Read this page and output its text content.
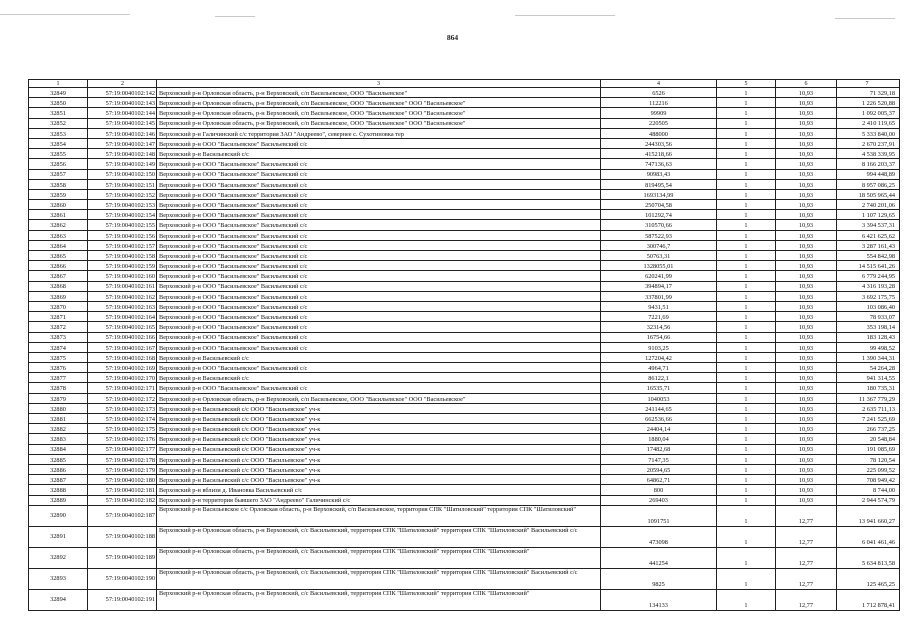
864
1	2	3	4	5	6	7
32849	57:19:0040102:142	Верховский р-н Орловская область, р-н Верховский, с/п Васильевское, ООО "Васильевское"	6526	1	10,93	71 329,18
32850	57:19:0040102:143	Верховский р-н Орловская область, р-н Верховский, с/п Васильевское, ООО "Васильевское" ООО "Васильевское"	112216	1	10,93	1 226 520,88
32851	57:19:0040102:144	Верховский р-н Орловская область, р-н Верховский, с/п Васильевское, ООО "Васильевское" ООО "Васильевское"	99909	1	10,93	1 092 005,37
32852	57:19:0040102:145	Верховский р-н Орловская область, р-н Верховский, с/п Васильевское, ООО "Васильевское" ООО "Васильевское"	220505	1	10,93	2 410 119,65
32853	57:19:0040102:146	Верховский р-н Галичинский с/с территория ЗАО "Андреево", севернее с. Сухотиновка тер	488000	1	10,93	5 333 840,00
32854	57:19:0040102:147	Верховский р-н ООО "Васильевское" Васильевский с/с	244303,56	1	10,93	2 670 237,91
32855	57:19:0040102:148	Верховский р-н Васильевский с/с	415218,66	1	10,93	4 538 339,95
32856	57:19:0040102:149	Верховский р-н ООО "Васильевское" Васильевский с/с	747136,63	1	10,93	8 166 203,37
32857	57:19:0040102:150	Верховский р-н ООО "Васильевское" Васильевский с/с	90983,43	1	10,93	994 448,89
32858	57:19:0040102:151	Верховский р-н ООО "Васильевское" Васильевский с/с	819495,54	1	10,93	8 957 086,25
32859	57:19:0040102:152	Верховский р-н ООО "Васильевское" Васильевский с/с	1693134,99	1	10,93	18 505 965,44
32860	57:19:0040102:153	Верховский р-н ООО "Васильевское" Васильевский с/с	250704,58	1	10,93	2 740 201,06
32861	57:19:0040102:154	Верховский р-н ООО "Васильевское" Васильевский с/с	101292,74	1	10,93	1 107 129,65
32862	57:19:0040102:155	Верховский р-н ООО "Васильевское" Васильевский с/с	310570,66	1	10,93	3 394 537,31
32863	57:19:0040102:156	Верховский р-н ООО "Васильевское" Васильевский с/с	587522,93	1	10,93	6 421 625,62
32864	57:19:0040102:157	Верховский р-н ООО "Васильевское" Васильевский с/с	300746,7	1	10,93	3 287 161,43
32865	57:19:0040102:158	Верховский р-н ООО "Васильевское" Васильевский с/с	50763,31	1	10,93	554 842,98
32866	57:19:0040102:159	Верховский р-н ООО "Васильевское" Васильевский с/с	1328055,01	1	10,93	14 515 641,26
32867	57:19:0040102:160	Верховский р-н ООО "Васильевское" Васильевский с/с	620241,99	1	10,93	6 779 244,95
32868	57:19:0040102:161	Верховский р-н ООО "Васильевское" Васильевский с/с	394894,17	1	10,93	4 316 193,28
32869	57:19:0040102:162	Верховский р-н ООО "Васильевское" Васильевский с/с	337801,99	1	10,93	3 692 175,75
32870	57:19:0040102:163	Верховский р-н ООО "Васильевское" Васильевский с/с	9431,51	1	10,93	103 086,40
32871	57:19:0040102:164	Верховский р-н ООО "Васильевское" Васильевский с/с	7221,69	1	10,93	78 933,07
32872	57:19:0040102:165	Верховский р-н ООО "Васильевское" Васильевский с/с	32314,56	1	10,93	353 198,14
32873	57:19:0040102:166	Верховский р-н ООО "Васильевское" Васильевский с/с	16754,66	1	10,93	183 128,43
32874	57:19:0040102:167	Верховский р-н ООО "Васильевское" Васильевский с/с	9103,25	1	10,93	99 498,52
32875	57:19:0040102:168	Верховский р-н Васильевский с/с	127204,42	1	10,93	1 390 344,31
32876	57:19:0040102:169	Верховский р-н ООО "Васильевское" Васильевский с/с	4964,71	1	10,93	54 264,28
32877	57:19:0040102:170	Верховский р-н Васильевский с/с	86122,1	1	10,93	941 314,55
32878	57:19:0040102:171	Верховский р-н ООО "Васильевское" Васильевский с/с	16535,71	1	10,93	180 735,31
32879	57:19:0040102:172	Верховский р-н Орловская область, р-н Верховский, с/п Васильевское, ООО "Васильевское" ООО "Васильевское"	1040053	1	10,93	11 367 779,29
32880	57:19:0040102:173	Верховский р-н Васильевский с/с ООО "Васильевское" уч-к	241144,65	1	10,93	2 635 711,13
32881	57:19:0040102:174	Верховский р-н Васильевский с/с ООО "Васильевское" уч-к	662536,66	1	10,93	7 241 525,69
32882	57:19:0040102:175	Верховский р-н Васильевский с/с ООО "Васильевское" уч-к	24404,14	1	10,93	266 737,25
32883	57:19:0040102:176	Верховский р-н Васильевский с/с ООО "Васильевское" уч-к	1880,04	1	10,93	20 548,84
32884	57:19:0040102:177	Верховский р-н Васильевский с/с ООО "Васильевское" уч-к	17482,68	1	10,93	191 085,69
32885	57:19:0040102:178	Верховский р-н Васильевский с/с ООО "Васильевское" уч-к	7147,35	1	10,93	78 120,54
32886	57:19:0040102:179	Верховский р-н Васильевский с/с ООО "Васильевское" уч-к	20594,65	1	10,93	225 099,52
32887	57:19:0040102:180	Верховский р-н Васильевский с/с ООО "Васильевское" уч-к	64862,71	1	10,93	708 949,42
32888	57:19:0040102:181	Верховский р-н вблизи д. Ивановка Васильевский с/с	800	1	10,93	8 744,00
32889	57:19:0040102:182	Верховский р-н территория бывшего ЗАО "Андреево" Галичинский с/с	269403	1	10,93	2 944 574,79
32890	57:19:0040102:187	Верховский р-н Васильевское с/с Орловская область, р-н Верховский, с/п Васильевское, территория СПК "Шатиловский" территория СПК "Шатиловский"	1091751	1	12,77	13 941 660,27
32891	57:19:0040102:188	Верховский р-н Орловская область, р-н Верховский, с/с Васильевский, территория СПК "Шатиловский" территория СПК "Шатиловский" Васильевский с/с	473098	1	12,77	6 041 461,46
32892	57:19:0040102:189	Верховский р-н Орловская область, р-н Верховский, с/с Васильевский, территория СПК "Шатиловский" территория СПК "Шатиловский"	441254	1	12,77	5 634 813,58
32893	57:19:0040102:190	Верховский р-н Орловская область, р-н Верховский, с/с Васильевский, территория СПК "Шатиловский" территория СПК "Шатиловский" Васильевский с/с	9825	1	12,77	125 465,25
32894	57:19:0040102:191	Верховский р-н Орловская область, р-н Верховский, с/с Васильевский, территория СПК "Шатиловский" территория СПК "Шатиловский"	134133	1	12,77	1 712 878,41
